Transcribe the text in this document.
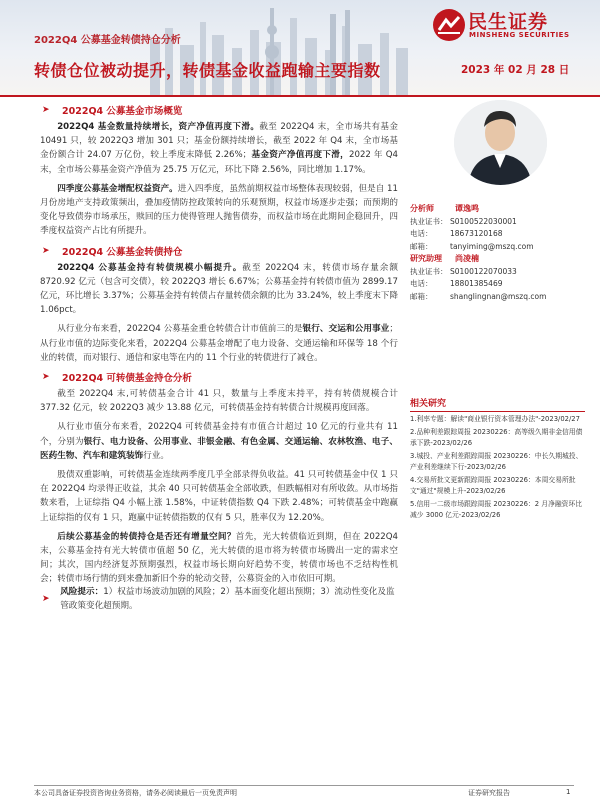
2022Q4 公募基金转债持仓分析
转债仓位被动提升，转债基金收益跑输主要指数	2023 年 02 月 28 日
民生证券
MINSHENG SECURITIES
➤ 2022Q4 公募基金市场概览

2022Q4 基金数量持续增长，资产净值再度下滑。截至 2022Q4 末，全市场共有基金 10491 只，较 2022Q3 增加 301 只；基金份额持续增长，截至 2022 年 Q4 末，全市场基金份额合计 24.07 万亿份，较上季度末降低 2.26%；基金资产净值再度下滑，2022 年 Q4 末，全市场公募基金资产净值为 25.75 万亿元，环比下降 2.56%，同比增加 1.17%。

四季度公募基金增配权益资产。进入四季度，虽然前期权益市场整体表现较弱，但是自 11 月份房地产支持政策频出，叠加疫情防控政策转向的乐观预期，权益市场逐步走强；而预期的变化导致债券市场承压，赎回的压力使得管理人抛售债券，而权益市场在此期间企稳回升，四季度权益资产占比有所提升。

➤ 2022Q4 公募基金转债持仓

2022Q4 公募基金持有转债规模小幅提升。截至 2022Q4 末，转债市场存量余额 8720.92 亿元（包含可交债），较 2022Q3 增长 6.67%；公募基金持有转债市值为 2899.17 亿元，环比增长 3.37%；公募基金持有转债占存量转债余额的比为 33.24%，较上季度末下降 1.06pct。

从行业分布来看，2022Q4 公募基金重仓转债合计市值前三的是银行、交运和公用事业；从行业市值的边际变化来看，2022Q4 公募基金增配了电力设备、交通运输和环保等 18 个行业的转债，而对银行、通信和家电等在内的 11 个行业的转债进行了减仓。

➤ 2022Q4 可转债基金持仓分析

截至 2022Q4 末,可转债基金合计 41 只，数量与上季度末持平，持有转债规模合计 377.32 亿元，较 2022Q3 减少 13.88 亿元，可转债基金持有转债合计规模再度回落。

从行业市值分布来看，2022Q4 可转债基金持有市值合计超过 10 亿元的行业共有 11 个，分别为银行、电力设备、公用事业、非银金融、有色金属、交通运输、农林牧渔、电子、医药生物、汽车和建筑装饰行业。

股债双重影响，可转债基金连续两季度几乎全部录得负收益。41 只可转债基金中仅 1 只在 2022Q4 均录得正收益，其余 40 只可转债基金全部收跌，但跌幅相对有所收敛。从市场指数来看，上证综指 Q4 小幅上涨 1.58%，中证转债指数 Q4 下跌 2.48%；可转债基金中跑赢上证综指的仅有 1 只，跑赢中证转债指数的仅有 5 只，胜率仅为 12.20%。

后续公募基金的转债持仓是否还有增量空间？首先，光大转债临近到期，但在 2022Q4 末，公募基金持有光大转债市值超 50 亿，光大转债的退市将为转债市场腾出一定的需求空间；其次，国内经济复苏预期强烈，权益市场长期向好趋势不变，转债市场也不乏结构性机会；转债市场行情的到来叠加新旧个券的轮动交替，公募资金的入市依旧可期。

➤
风险提示：1）权益市场波动加剧的风险；2）基本面变化超出预期；3）流动性变化及监管政策变化超预期。
分析师	谭逸鸣
执业证书： S0100522030001
电话：	18673120168
邮箱：	tanyiming@mszq.com
研究助理	尚凌楠
执业证书： S0100122070033
电话：	18801385469
邮箱：	shanglingnan@mszq.com
相关研究
1.利率专题：解读"商业银行资本管理办法"-2023/02/27
2.品种利差跟踪周报 20230226：高等级久期非金信用债承下跌-2023/02/26
3.城投、产业利差跟踪周报 20230226：中长久期城投、产业利差继续下行-2023/02/26
4.交易所批文更新跟踪周报 20230226：本周交易所批文"通过"规模上升-2023/02/26
5.信用一二级市场跟踪周报 20230226：2 月净融资环比减少 3000 亿元-2023/02/26
本公司具备证券投资咨询业务资格，请务必阅读最后一页免责声明	证券研究报告	1
